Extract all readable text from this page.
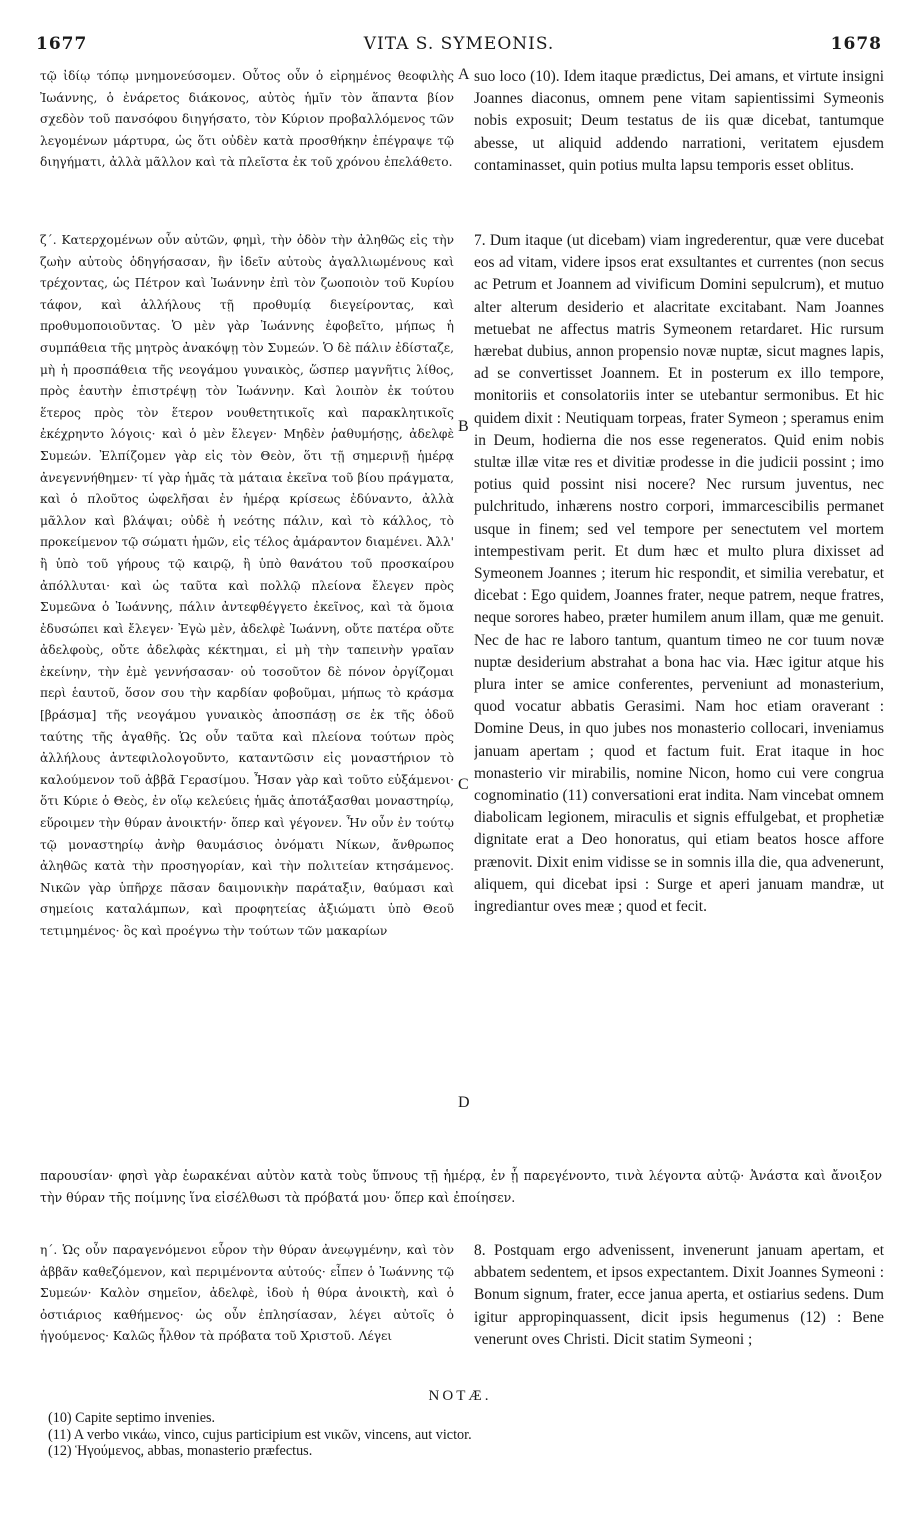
1677	VITA S. SYMEONIS.	1678

τῷ ἰδίῳ τόπῳ μνημονεύσομεν. Οὗτος οὖν ὁ εἰρημένος θεοφιλὴς Ἰωάννης, ὁ ἐνάρετος διάκονος, αὐτὸς ἡμῖν τὸν ἅπαντα βίον σχεδὸν τοῦ πανσόφου διηγήσατο, τὸν Κύριον προβαλλόμενος τῶν λεγομένων μάρτυρα, ὡς ὅτι οὐδὲν κατὰ προσθήκην ἐπέγραψε τῷ διηγήματι, ἀλλὰ μᾶλλον καὶ τὰ πλεῖστα ἐκ τοῦ χρόνου ἐπελάθετο.

ζ΄. Κατερχομένων οὖν αὐτῶν, φημὶ, τὴν ὁδὸν τὴν ἀληθῶς εἰς τὴν ζωὴν αὐτοὺς ὁδηγήσασαν, ἣν ἰδεῖν αὐτοὺς ἀγαλλιωμένους καὶ τρέχοντας, ὡς Πέτρον καὶ Ἰωάννην ἐπὶ τὸν ζωοποιὸν τοῦ Κυρίου τάφον, καὶ ἀλλήλους τῇ προθυμίᾳ διεγείροντας, καὶ προθυμοποιοῦντας. Ὁ μὲν γὰρ Ἰωάννης ἐφοβεῖτο, μήπως ἡ συμπάθεια τῆς μητρὸς ἀνακόψῃ τὸν Συμεών. Ὁ δὲ πάλιν ἐδίσταζε, μὴ ἡ προσπάθεια τῆς νεογάμου γυναικὸς, ὥσπερ μαγνῆτις λίθος, πρὸς ἑαυτὴν ἐπιστρέψῃ τὸν Ἰωάννην. Καὶ λοιπὸν ἐκ τούτου ἕτερος πρὸς τὸν ἕτερον νουθετητικοῖς καὶ παρακλητικοῖς ἐκέχρηντο λόγοις· καὶ ὁ μὲν ἔλεγεν· Μηδὲν ῥαθυμήσῃς, ἀδελφὲ Συμεών. Ἐλπίζομεν γὰρ εἰς τὸν Θεὸν, ὅτι τῇ σημερινῇ ἡμέρᾳ ἀνεγεννήθημεν· τί γὰρ ἡμᾶς τὰ μάταια ἐκεῖνα τοῦ βίου πράγματα, καὶ ὁ πλοῦτος ὠφελῆσαι ἐν ἡμέρᾳ κρίσεως ἐδύναντο, ἀλλὰ μᾶλλον καὶ βλάψαι; οὐδὲ ἡ νεότης πάλιν, καὶ τὸ κάλλος, τὸ προκείμενον τῷ σώματι ἡμῶν, εἰς τέλος ἀμάραντον διαμένει. Ἀλλ' ἢ ὑπὸ τοῦ γήρους τῷ καιρῷ, ἢ ὑπὸ θανάτου τοῦ προσκαίρου ἀπόλλυται· καὶ ὡς ταῦτα καὶ πολλῷ πλείονα ἔλεγεν πρὸς Συμεῶνα ὁ Ἰωάννης, πάλιν ἀντεφθέγγετο ἐκεῖνος, καὶ τὰ ὅμοια ἐδυσώπει καὶ ἔλεγεν· Ἐγὼ μὲν, ἀδελφὲ Ἰωάννη, οὔτε πατέρα οὔτε ἀδελφοὺς, οὔτε ἀδελφὰς κέκτημαι, εἰ μὴ τὴν ταπεινὴν γραῖαν ἐκείνην, τὴν ἐμὲ γεννήσασαν· οὐ τοσοῦτον δὲ πόνον ὀργίζομαι περὶ ἑαυτοῦ, ὅσον σου τὴν καρδίαν φοβοῦμαι, μήπως τὸ κράσμα [βράσμα] τῆς νεογάμου γυναικὸς ἀποσπάσῃ σε ἐκ τῆς ὁδοῦ ταύτης τῆς ἀγαθῆς. Ὡς οὖν ταῦτα καὶ πλείονα τούτων πρὸς ἀλλήλους ἀντεφιλολογοῦντο, καταντῶσιν εἰς μοναστήριον τὸ καλούμενον τοῦ ἀββᾶ Γερασίμου. Ἦσαν γὰρ καὶ τοῦτο εὐξάμενοι· ὅτι Κύριε ὁ Θεὸς, ἐν οἵῳ κελεύεις ἡμᾶς ἀποτάξασθαι μοναστηρίῳ, εὕροιμεν τὴν θύραν ἀνοικτήν· ὅπερ καὶ γέγονεν. Ἦν οὖν ἐν τούτῳ τῷ μοναστηρίῳ ἀνὴρ θαυμάσιος ὀνόματι Νίκων, ἄνθρωπος ἀληθῶς κατὰ τὴν προσηγορίαν, καὶ τὴν πολιτείαν κτησάμενος. Νικῶν γὰρ ὑπῆρχε πᾶσαν δαιμονικὴν παράταξιν, θαύμασι καὶ σημείοις καταλάμπων, καὶ προφητείας ἀξιώματι ὑπὸ Θεοῦ τετιμημένος· ὃς καὶ προέγνω τὴν τούτων τῶν μακαρίων

suo loco (10). Idem itaque prædictus, Dei amans, et virtute insigni Joannes diaconus, omnem pene vitam sapientissimi Symeonis nobis exposuit; Deum testatus de iis quæ dicebat, tantumque abesse, ut aliquid addendo narrationi, veritatem ejusdem contaminasset, quin potius multa lapsu temporis esset oblitus.

7. Dum itaque (ut dicebam) viam ingrederentur, quæ vere ducebat eos ad vitam, videre ipsos erat exsultantes et currentes (non secus ac Petrum et Joannem ad vivificum Domini sepulcrum), et mutuo alter alterum desiderio et alacritate excitabant. Nam Joannes metuebat ne affectus matris Symeonem retardaret. Hic rursum hærebat dubius, annon propensio novæ nuptæ, sicut magnes lapis, ad se convertisset Joannem. Et in posterum ex illo tempore, monitoriis et consolatoriis inter se utebantur sermonibus. Et hic quidem dixit : Neutiquam torpeas, frater Symeon ; speramus enim in Deum, hodierna die nos esse regeneratos. Quid enim nobis stultæ illæ vitæ res et divitiæ prodesse in die judicii possint ; imo potius quid possint nisi nocere? Nec rursum juventus, nec pulchritudo, inhærens nostro corpori, immarcescibilis permanet usque in finem; sed vel tempore per senectutem vel mortem intempestivam perit. Et dum hæc et multo plura dixisset ad Symeonem Joannes ; iterum hic respondit, et similia verebatur, et dicebat : Ego quidem, Joannes frater, neque patrem, neque fratres, neque sorores habeo, præter humilem anum illam, quæ me genuit. Nec de hac re laboro tantum, quantum timeo ne cor tuum novæ nuptæ desiderium abstrahat a bona hac via. Hæc igitur atque his plura inter se amice conferentes, perveniunt ad monasterium, quod vocatur abbatis Gerasimi. Nam hoc etiam oraverant : Domine Deus, in quo jubes nos monasterio collocari, inveniamus januam apertam ; quod et factum fuit. Erat itaque in hoc monasterio vir mirabilis, nomine Nicon, homo cui vere congrua cognominatio (11) conversationi erat indita. Nam vincebat omnem diabolicam legionem, miraculis et signis effulgebat, et prophetiæ dignitate erat a Deo honoratus, qui etiam beatos hosce affore prænovit. Dixit enim vidisse se in somnis illa die, qua advenerunt, aliquem, qui dicebat ipsi : Surge et aperi januam mandræ, ut ingrediantur oves meæ ; quod et fecit.

A
B
C
D

παρουσίαν· φησὶ γὰρ ἑωρακέναι αὐτὸν κατὰ τοὺς ὕπνους τῇ ἡμέρᾳ, ἐν ᾗ παρεγένοντο, τινὰ λέγοντα αὐτῷ· Ἀνάστα καὶ ἄνοιξον τὴν θύραν τῆς ποίμνης ἵνα εἰσέλθωσι τὰ πρόβατά μου· ὅπερ καὶ ἐποίησεν.

η΄. Ὡς οὖν παραγενόμενοι εὗρον τὴν θύραν ἀνεῳγμένην, καὶ τὸν ἀββᾶν καθεζόμενον, καὶ περιμένοντα αὐτούς· εἶπεν ὁ Ἰωάννης τῷ Συμεών· Καλὸν σημεῖον, ἀδελφὲ, ἰδοὺ ἡ θύρα ἀνοικτὴ, καὶ ὁ ὀστιάριος καθήμενος· ὡς οὖν ἐπλησίασαν, λέγει αὐτοῖς ὁ ἡγούμενος· Καλῶς ἦλθον τὰ πρόβατα τοῦ Χριστοῦ. Λέγει

8. Postquam ergo advenissent, invenerunt januam apertam, et abbatem sedentem, et ipsos expectantem. Dixit Joannes Symeoni : Bonum signum, frater, ecce janua aperta, et ostiarius sedens. Dum igitur appropinquassent, dicit ipsis hegumenus (12) : Bene venerunt oves Christi. Dicit statim Symeoni ;

NOTÆ.

(10) Capite septimo invenies.

(11) A verbo νικάω, vinco, cujus participium est νικῶν, vincens, aut victor.

(12) Ἡγούμενος, abbas, monasterio præfectus.
